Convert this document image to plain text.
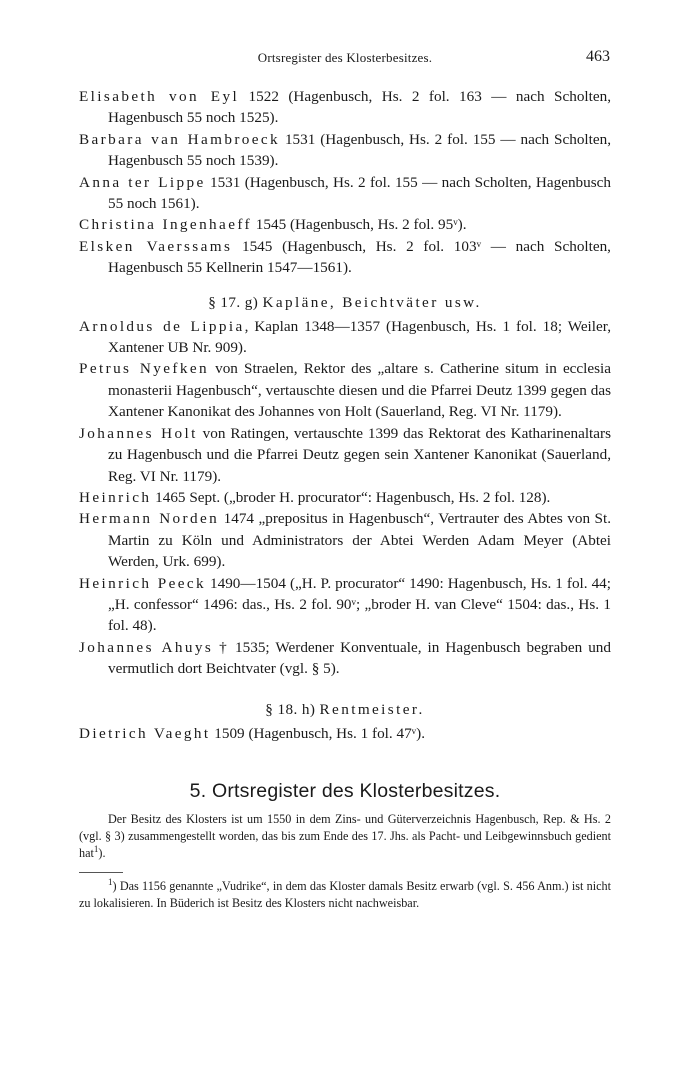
Ortsregister des Klosterbesitzes.	463

Elisabeth von Eyl 1522 (Hagenbusch, Hs. 2 fol. 163 — nach Scholten, Hagenbusch 55 noch 1525).

Barbara van Hambroeck 1531 (Hagenbusch, Hs. 2 fol. 155 — nach Scholten, Hagenbusch 55 noch 1539).

Anna ter Lippe 1531 (Hagenbusch, Hs. 2 fol. 155 — nach Scholten, Hagenbusch 55 noch 1561).

Christina Ingenhaeff 1545 (Hagenbusch, Hs. 2 fol. 95ᵛ).

Elsken Vaerssams 1545 (Hagenbusch, Hs. 2 fol. 103ᵛ — nach Scholten, Hagenbusch 55 Kellnerin 1547—1561).

§ 17. g) Kapläne, Beichtväter usw.

Arnoldus de Lippia, Kaplan 1348—1357 (Hagenbusch, Hs. 1 fol. 18; Weiler, Xantener UB Nr. 909).

Petrus Nyefken von Straelen, Rektor des „altare s. Catherine situm in ecclesia monasterii Hagenbusch“, vertauschte diesen und die Pfarrei Deutz 1399 gegen das Xantener Kanonikat des Johannes von Holt (Sauerland, Reg. VI Nr. 1179).

Johannes Holt von Ratingen, vertauschte 1399 das Rektorat des Katharinenaltars zu Hagenbusch und die Pfarrei Deutz gegen sein Xantener Kanonikat (Sauerland, Reg. VI Nr. 1179).

Heinrich 1465 Sept. („broder H. procurator“: Hagenbusch, Hs. 2 fol. 128).

Hermann Norden 1474 „prepositus in Hagenbusch“, Vertrauter des Abtes von St. Martin zu Köln und Administrators der Abtei Werden Adam Meyer (Abtei Werden, Urk. 699).

Heinrich Peeck 1490—1504 („H. P. procurator“ 1490: Hagenbusch, Hs. 1 fol. 44; „H. confessor“ 1496: das., Hs. 2 fol. 90ᵛ; „broder H. van Cleve“ 1504: das., Hs. 1 fol. 48).

Johannes Ahuys † 1535; Werdener Konventuale, in Hagenbusch begraben und vermutlich dort Beichtvater (vgl. § 5).

§ 18. h) Rentmeister.

Dietrich Vaeght 1509 (Hagenbusch, Hs. 1 fol. 47ᵛ).

5. Ortsregister des Klosterbesitzes.

Der Besitz des Klosters ist um 1550 in dem Zins- und Güterverzeichnis Hagenbusch, Rep. & Hs. 2 (vgl. § 3) zusammengestellt worden, das bis zum Ende des 17. Jhs. als Pacht- und Leibgewinnsbuch gedient hat$^1$).

$^1$) Das 1156 genannte „Vudrike“, in dem das Kloster damals Besitz erwarb (vgl. S. 456 Anm.) ist nicht zu lokalisieren. In Büderich ist Besitz des Klosters nicht nachweisbar.
